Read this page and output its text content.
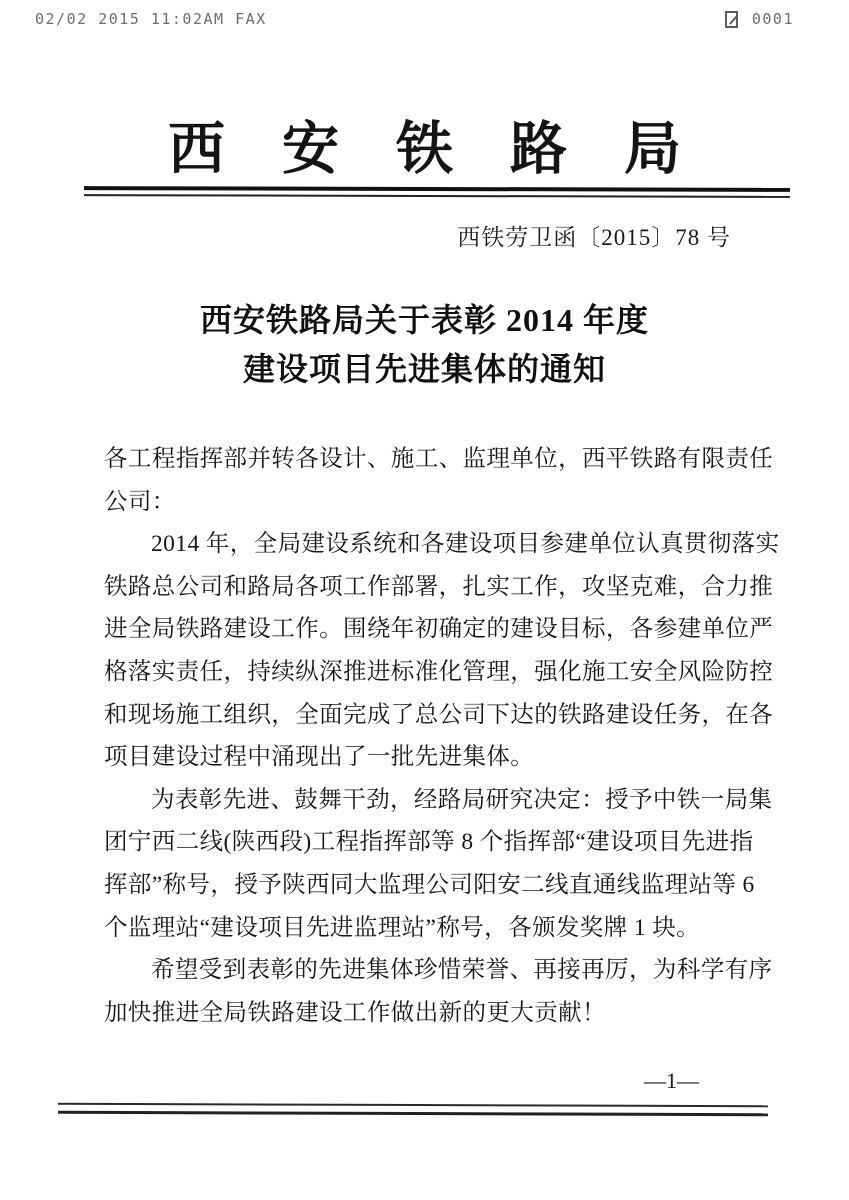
02/02 2015 11:02AM FAX	0001
西　安　铁　路　局
西铁劳卫函〔2015〕78 号
西安铁路局关于表彰 2014 年度
建设项目先进集体的通知
各工程指挥部并转各设计、施工、监理单位，西平铁路有限责任
公司：
2014 年，全局建设系统和各建设项目参建单位认真贯彻落实
铁路总公司和路局各项工作部署，扎实工作，攻坚克难，合力推
进全局铁路建设工作。围绕年初确定的建设目标，各参建单位严
格落实责任，持续纵深推进标准化管理，强化施工安全风险防控
和现场施工组织，全面完成了总公司下达的铁路建设任务，在各
项目建设过程中涌现出了一批先进集体。
为表彰先进、鼓舞干劲，经路局研究决定：授予中铁一局集
团宁西二线(陕西段)工程指挥部等 8 个指挥部“建设项目先进指
挥部”称号，授予陕西同大监理公司阳安二线直通线监理站等 6
个监理站“建设项目先进监理站”称号，各颁发奖牌 1 块。
希望受到表彰的先进集体珍惜荣誉、再接再厉，为科学有序
加快推进全局铁路建设工作做出新的更大贡献！
—1—
